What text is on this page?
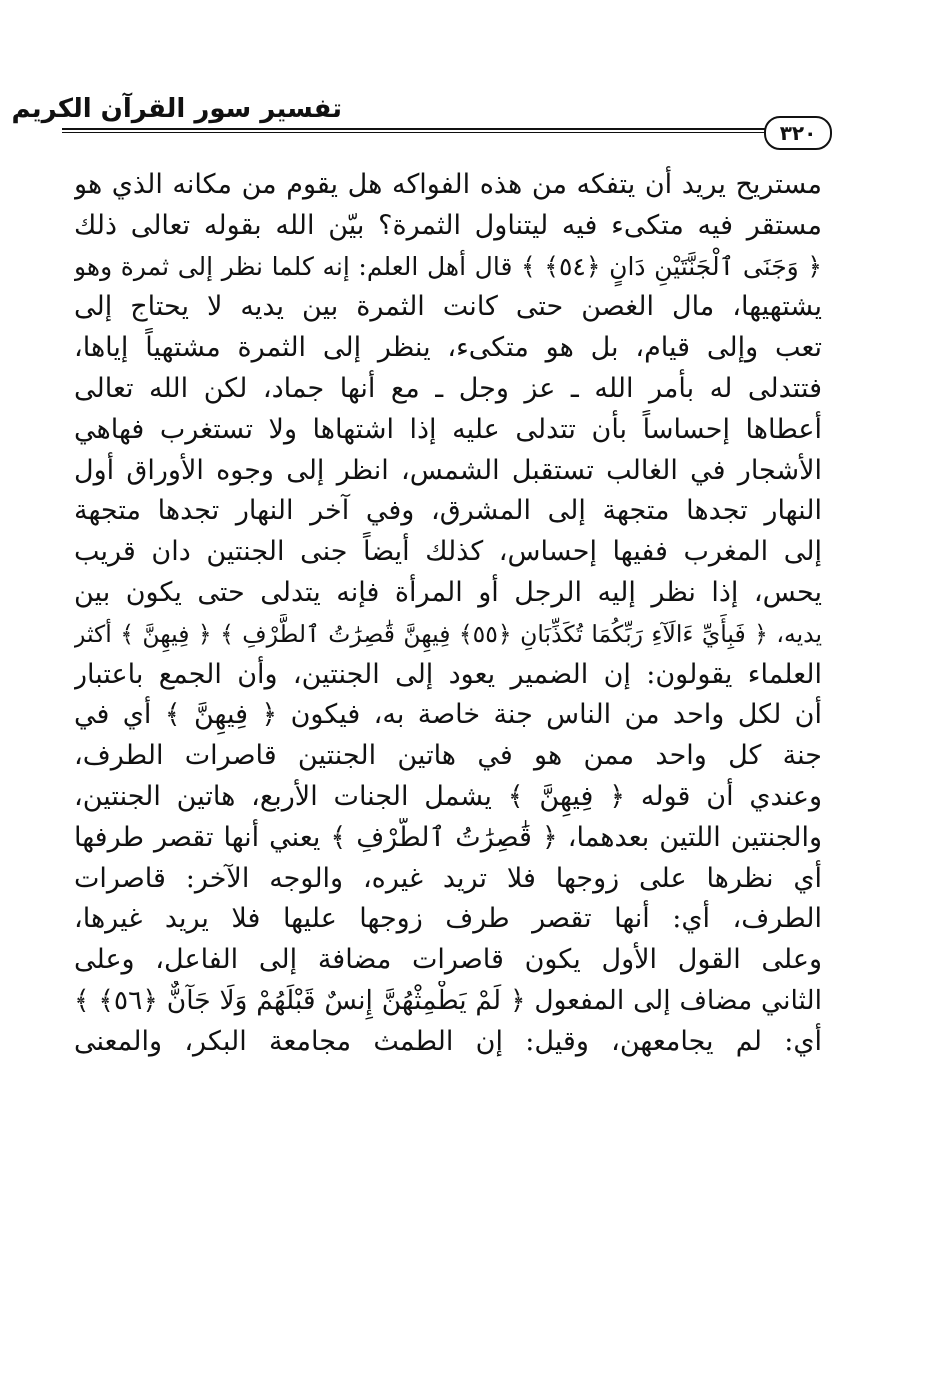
تفسير سور القرآن الكريم
٣٢٠
مستريح يريد أن يتفكه من هذه الفواكه هل يقوم من مكانه الذي هو
مستقر فيه متكىء فيه ليتناول الثمرة؟ بيّن الله بقوله تعالى ذلك
﴿ وَجَنَى ٱلْجَنَّتَيْنِ دَانٍ ﴿٥٤﴾ ﴾ قال أهل العلم: إنه كلما نظر إلى ثمرة وهو
يشتهيها، مال الغصن حتى كانت الثمرة بين يديه لا يحتاج إلى
تعب وإلى قيام، بل هو متكىء، ينظر إلى الثمرة مشتهياً إياها،
فتتدلى له بأمر الله ـ عز وجل ـ مع أنها جماد، لكن الله تعالى
أعطاها إحساساً بأن تتدلى عليه إذا اشتهاها ولا تستغرب فهاهي
الأشجار في الغالب تستقبل الشمس، انظر إلى وجوه الأوراق أول
النهار تجدها متجهة إلى المشرق، وفي آخر النهار تجدها متجهة
إلى المغرب ففيها إحساس، كذلك أيضاً جنى الجنتين دان قريب
يحس، إذا نظر إليه الرجل أو المرأة فإنه يتدلى حتى يكون بين
يديه، ﴿ فَبِأَيِّ ءَالَآءِ رَبِّكُمَا تُكَذِّبَانِ ﴿٥٥﴾ فِيهِنَّ قَٰصِرَٰتُ ٱلطَّرْفِ ﴾ ﴿ فِيهِنَّ ﴾ أكثر
العلماء يقولون: إن الضمير يعود إلى الجنتين، وأن الجمع باعتبار
أن لكل واحد من الناس جنة خاصة به، فيكون ﴿ فِيهِنَّ ﴾ أي في
جنة كل واحد ممن هو في هاتين الجنتين قاصرات الطرف،
وعندي أن قوله ﴿ فِيهِنَّ ﴾ يشمل الجنات الأربع، هاتين الجنتين،
والجنتين اللتين بعدهما، ﴿ قَٰصِرَٰتُ ٱلطَّرْفِ ﴾ يعني أنها تقصر طرفها
أي نظرها على زوجها فلا تريد غيره، والوجه الآخر: قاصرات
الطرف، أي: أنها تقصر طرف زوجها عليها فلا يريد غيرها،
وعلى القول الأول يكون قاصرات مضافة إلى الفاعل، وعلى
الثاني مضاف إلى المفعول ﴿ لَمْ يَطْمِثْهُنَّ إِنسٌ قَبْلَهُمْ وَلَا جَآنٌّ ﴿٥٦﴾ ﴾
أي: لم يجامعهن، وقيل: إن الطمث مجامعة البكر، والمعنى
